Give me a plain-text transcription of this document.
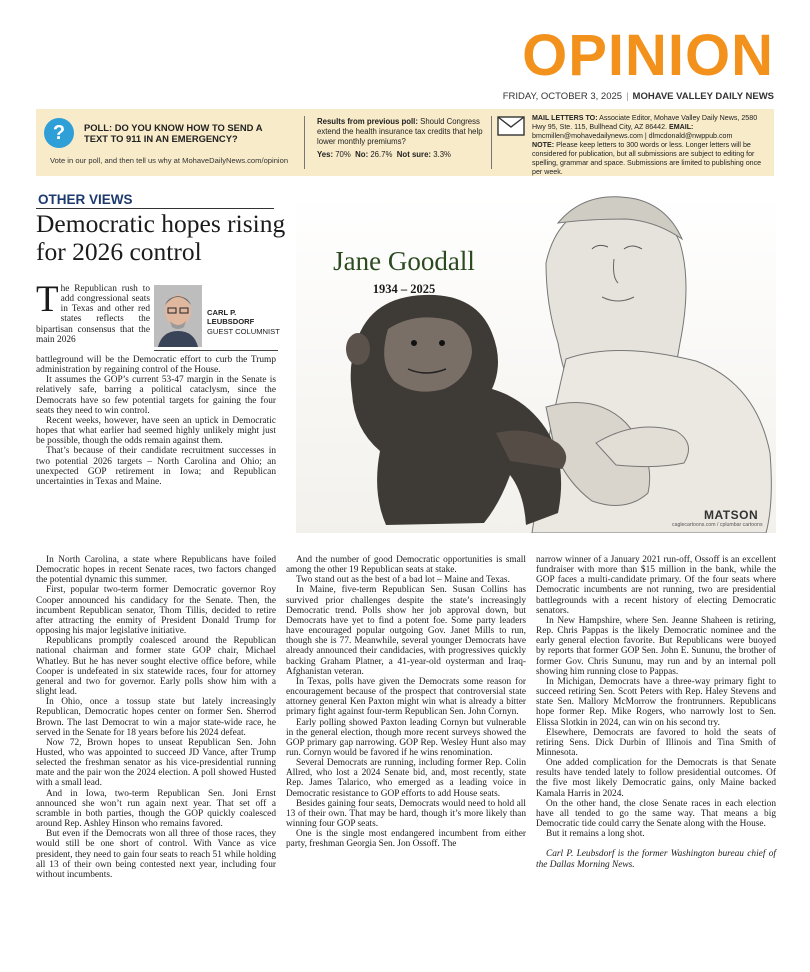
OPINION
FRIDAY, OCTOBER 3, 2025 | MOHAVE VALLEY DAILY NEWS
?	POLL: DO YOU KNOW HOW TO SEND A TEXT TO 911 IN AN EMERGENCY?
Vote in our poll, and then tell us why at MohaveDailyNews.com/opinion
Results from previous poll: Should Congress extend the health insurance tax credits that help lower monthly premiums?
Yes: 70% No: 26.7% Not sure: 3.3%
MAIL LETTERS TO: Associate Editor, Mohave Valley Daily News, 2580 Hwy 95, Ste. 115, Bullhead City, AZ 86442. EMAIL: bmcmillen@mohavedailynews.com | dlmcdonald@nwppub.com
NOTE: Please keep letters to 300 words or less. Longer letters will be considered for publication, but all submissions are subject to editing for spelling, grammar and space. Submissions are limited to publishing once per week.
OTHER VIEWS
Democratic hopes rising for 2026 control
CARL P. LEUBSDORF
GUEST COLUMNIST

The Republican rush to add congressional seats in Texas and other red states reflects the bipartisan consensus that the main 2026

battleground will be the Democratic effort to curb the Trump administration by regaining control of the House.

It assumes the GOP’s current 53-47 margin in the Senate is relatively safe, barring a political cataclysm, since the Democrats have so few potential targets for gaining the four seats they need to win control.

Recent weeks, however, have seen an uptick in Democratic hopes that what earlier had seemed highly unlikely might just be possible, though the odds remain against them.

That’s because of their candidate recruitment successes in two potential 2026 targets – North Carolina and Ohio; an unexpected GOP retirement in Iowa; and Republican uncertainties in Texas and Maine.

In North Carolina, a state where Republicans have foiled Democratic hopes in recent Senate races, two factors changed the potential dynamic this summer.

First, popular two-term former Democratic governor Roy Cooper announced his candidacy for the Senate. Then, the incumbent Republican senator, Thom Tillis, decided to retire after attracting the enmity of President Donald Trump for opposing his major legislative initiative.

Republicans promptly coalesced around the Republican national chairman and former state GOP chair, Michael Whatley. But he has never sought elective office before, while Cooper is undefeated in six statewide races, four for attorney general and two for governor. Early polls show him with a slight lead.

In Ohio, once a tossup state but lately increasingly Republican, Democratic hopes center on former Sen. Sherrod Brown. The last Democrat to win a major state-wide race, he served in the Senate for 18 years before his 2024 defeat.

Now 72, Brown hopes to unseat Republican Sen. John Husted, who was appointed to succeed JD Vance, after Trump selected the freshman senator as his vice-presidential running mate and the pair won the 2024 election. A poll showed Husted with a small lead.

And in Iowa, two-term Republican Sen. Joni Ernst announced she won’t run again next year. That set off a scramble in both parties, though the GOP quickly coalesced around Rep. Ashley Hinson who remains favored.

But even if the Democrats won all three of those races, they would still be one short of control. With Vance as vice president, they need to gain four seats to reach 51 while holding all 13 of their own being contested next year, including four without incumbents.

And the number of good Democratic opportunities is small among the other 19 Republican seats at stake.

Two stand out as the best of a bad lot – Maine and Texas.

In Maine, five-term Republican Sen. Susan Collins has survived prior challenges despite the state’s increasingly Democratic trend. Polls show her job approval down, but Democrats have yet to find a potent foe. Some party leaders have encouraged popular outgoing Gov. Janet Mills to run, though she is 77. Meanwhile, several younger Democrats have already announced their candidacies, with progressives quickly backing Graham Platner, a 41-year-old oysterman and Iraq-Afghanistan veteran.

In Texas, polls have given the Democrats some reason for encouragement because of the prospect that controversial state attorney general Ken Paxton might win what is already a bitter primary fight against four-term Republican Sen. John Cornyn.

Early polling showed Paxton leading Cornyn but vulnerable in the general election, though more recent surveys showed the GOP primary gap narrowing. GOP Rep. Wesley Hunt also may run. Cornyn would be favored if he wins renomination.

Several Democrats are running, including former Rep. Colin Allred, who lost a 2024 Senate bid, and, most recently, state Rep. James Talarico, who emerged as a leading voice in Democratic resistance to GOP efforts to add House seats.

Besides gaining four seats, Democrats would need to hold all 13 of their own. That may be hard, though it’s more likely than winning four GOP seats.

One is the single most endangered incumbent from either party, freshman Georgia Sen. Jon Ossoff. The

narrow winner of a January 2021 run-off, Ossoff is an excellent fundraiser with more than $15 million in the bank, while the GOP faces a multi-candidate primary. Of the four seats where Democratic incumbents are not running, two are presidential battlegrounds with a recent history of electing Democratic senators.

In New Hampshire, where Sen. Jeanne Shaheen is retiring, Rep. Chris Pappas is the likely Democratic nominee and the early general election favorite. But Republicans were buoyed by reports that former GOP Sen. John E. Sununu, the brother of former Gov. Chris Sununu, may run and by an internal poll showing him running close to Pappas.

In Michigan, Democrats have a three-way primary fight to succeed retiring Sen. Scott Peters with Rep. Haley Stevens and state Sen. Mallory McMorrow the frontrunners. Republicans hope former Rep. Mike Rogers, who narrowly lost to Sen. Elissa Slotkin in 2024, can win on his second try.

Elsewhere, Democrats are favored to hold the seats of retiring Sens. Dick Durbin of Illinois and Tina Smith of Minnesota.

One added complication for the Democrats is that Senate results have tended lately to follow presidential outcomes. Of the five most likely Democratic gains, only Maine backed Kamala Harris in 2024.

On the other hand, the close Senate races in each election have all tended to go the same way. That means a big Democratic tide could carry the Senate along with the House.

But it remains a long shot.

Carl P. Leubsdorf is the former Washington bureau chief of the Dallas Morning News.

Jane Goodall
1934 – 2025
MATSON
caglecartoons.com / cplumbar cartoons
